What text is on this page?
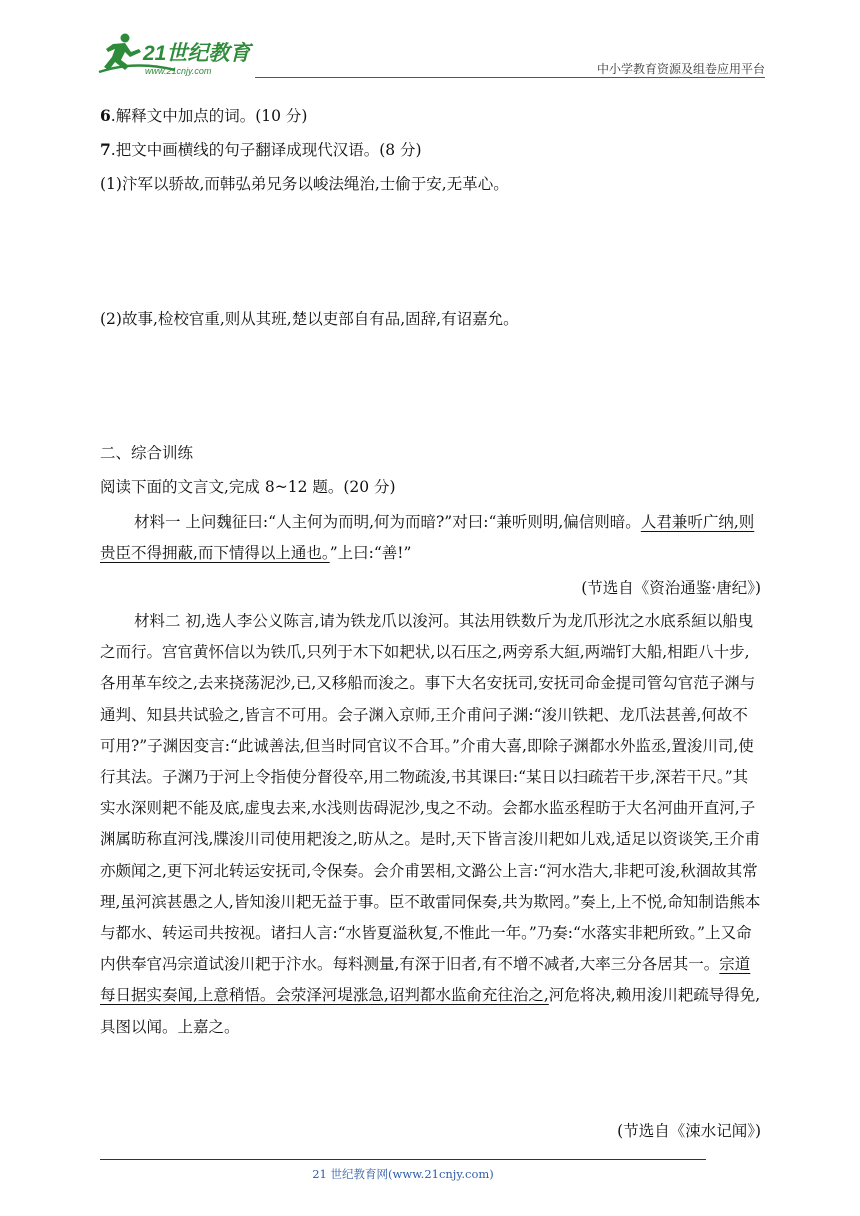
21世纪教育
www.21cnjy.com	中小学教育资源及组卷应用平台
6.解释文中加点的词。(10 分)
7.把文中画横线的句子翻译成现代汉语。(8 分)
(1)汴军以骄故,而韩弘弟兄务以峻法绳治,士偷于安,无革心。
(2)故事,检校官重,则从其班,楚以吏部自有品,固辞,有诏嘉允。
二、综合训练
阅读下面的文言文,完成 8~12 题。(20 分)
材料一 上问魏征曰:“人主何为而明,何为而暗?”对曰:“兼听则明,偏信则暗。人君兼听广纳,则贵臣不得拥蔽,而下情得以上通也。”上曰:“善!”
(节选自《资治通鉴·唐纪》)
材料二 初,选人李公义陈言,请为铁龙爪以浚河。其法用铁数斤为龙爪形沈之水底系絙以船曳之而行。宫官黄怀信以为铁爪,只列于木下如耙状,以石压之,两旁系大絙,两端钉大船,相距八十步,各用革车绞之,去来挠荡泥沙,已,又移船而浚之。事下大名安抚司,安抚司命金提司管勾官范子渊与通判、知县共试验之,皆言不可用。会子渊入京师,王介甫问子渊:“浚川铁耙、龙爪法甚善,何故不可用?”子渊因变言:“此诚善法,但当时同官议不合耳。”介甫大喜,即除子渊都水外监丞,置浚川司,使行其法。子渊乃于河上令指使分督役卒,用二物疏浚,书其课曰:“某日以扫疏若干步,深若干尺。”其实水深则耙不能及底,虚曳去来,水浅则齿碍泥沙,曳之不动。会都水监丞程昉于大名河曲开直河,子渊属昉称直河浅,牒浚川司使用耙浚之,昉从之。是时,天下皆言浚川耙如儿戏,适足以资谈笑,王介甫亦颇闻之,更下河北转运安抚司,令保奏。会介甫罢相,文潞公上言:“河水浩大,非耙可浚,秋涸故其常理,虽河滨甚愚之人,皆知浚川耙无益于事。臣不敢雷同保奏,共为欺罔。”奏上,上不悦,命知制诰熊本与都水、转运司共按视。诸扫人言:“水皆夏溢秋复,不惟此一年。”乃奏:“水落实非耙所致。”上又命内供奉官冯宗道试浚川耙于汴水。每料测量,有深于旧者,有不增不减者,大率三分各居其一。宗道每日据实奏闻,上意稍悟。会荥泽河堤涨急,诏判都水监俞充往治之,河危将决,赖用浚川耙疏导得免,具图以闻。上嘉之。
(节选自《涑水记闻》)
21 世纪教育网(www.21cnjy.com)
